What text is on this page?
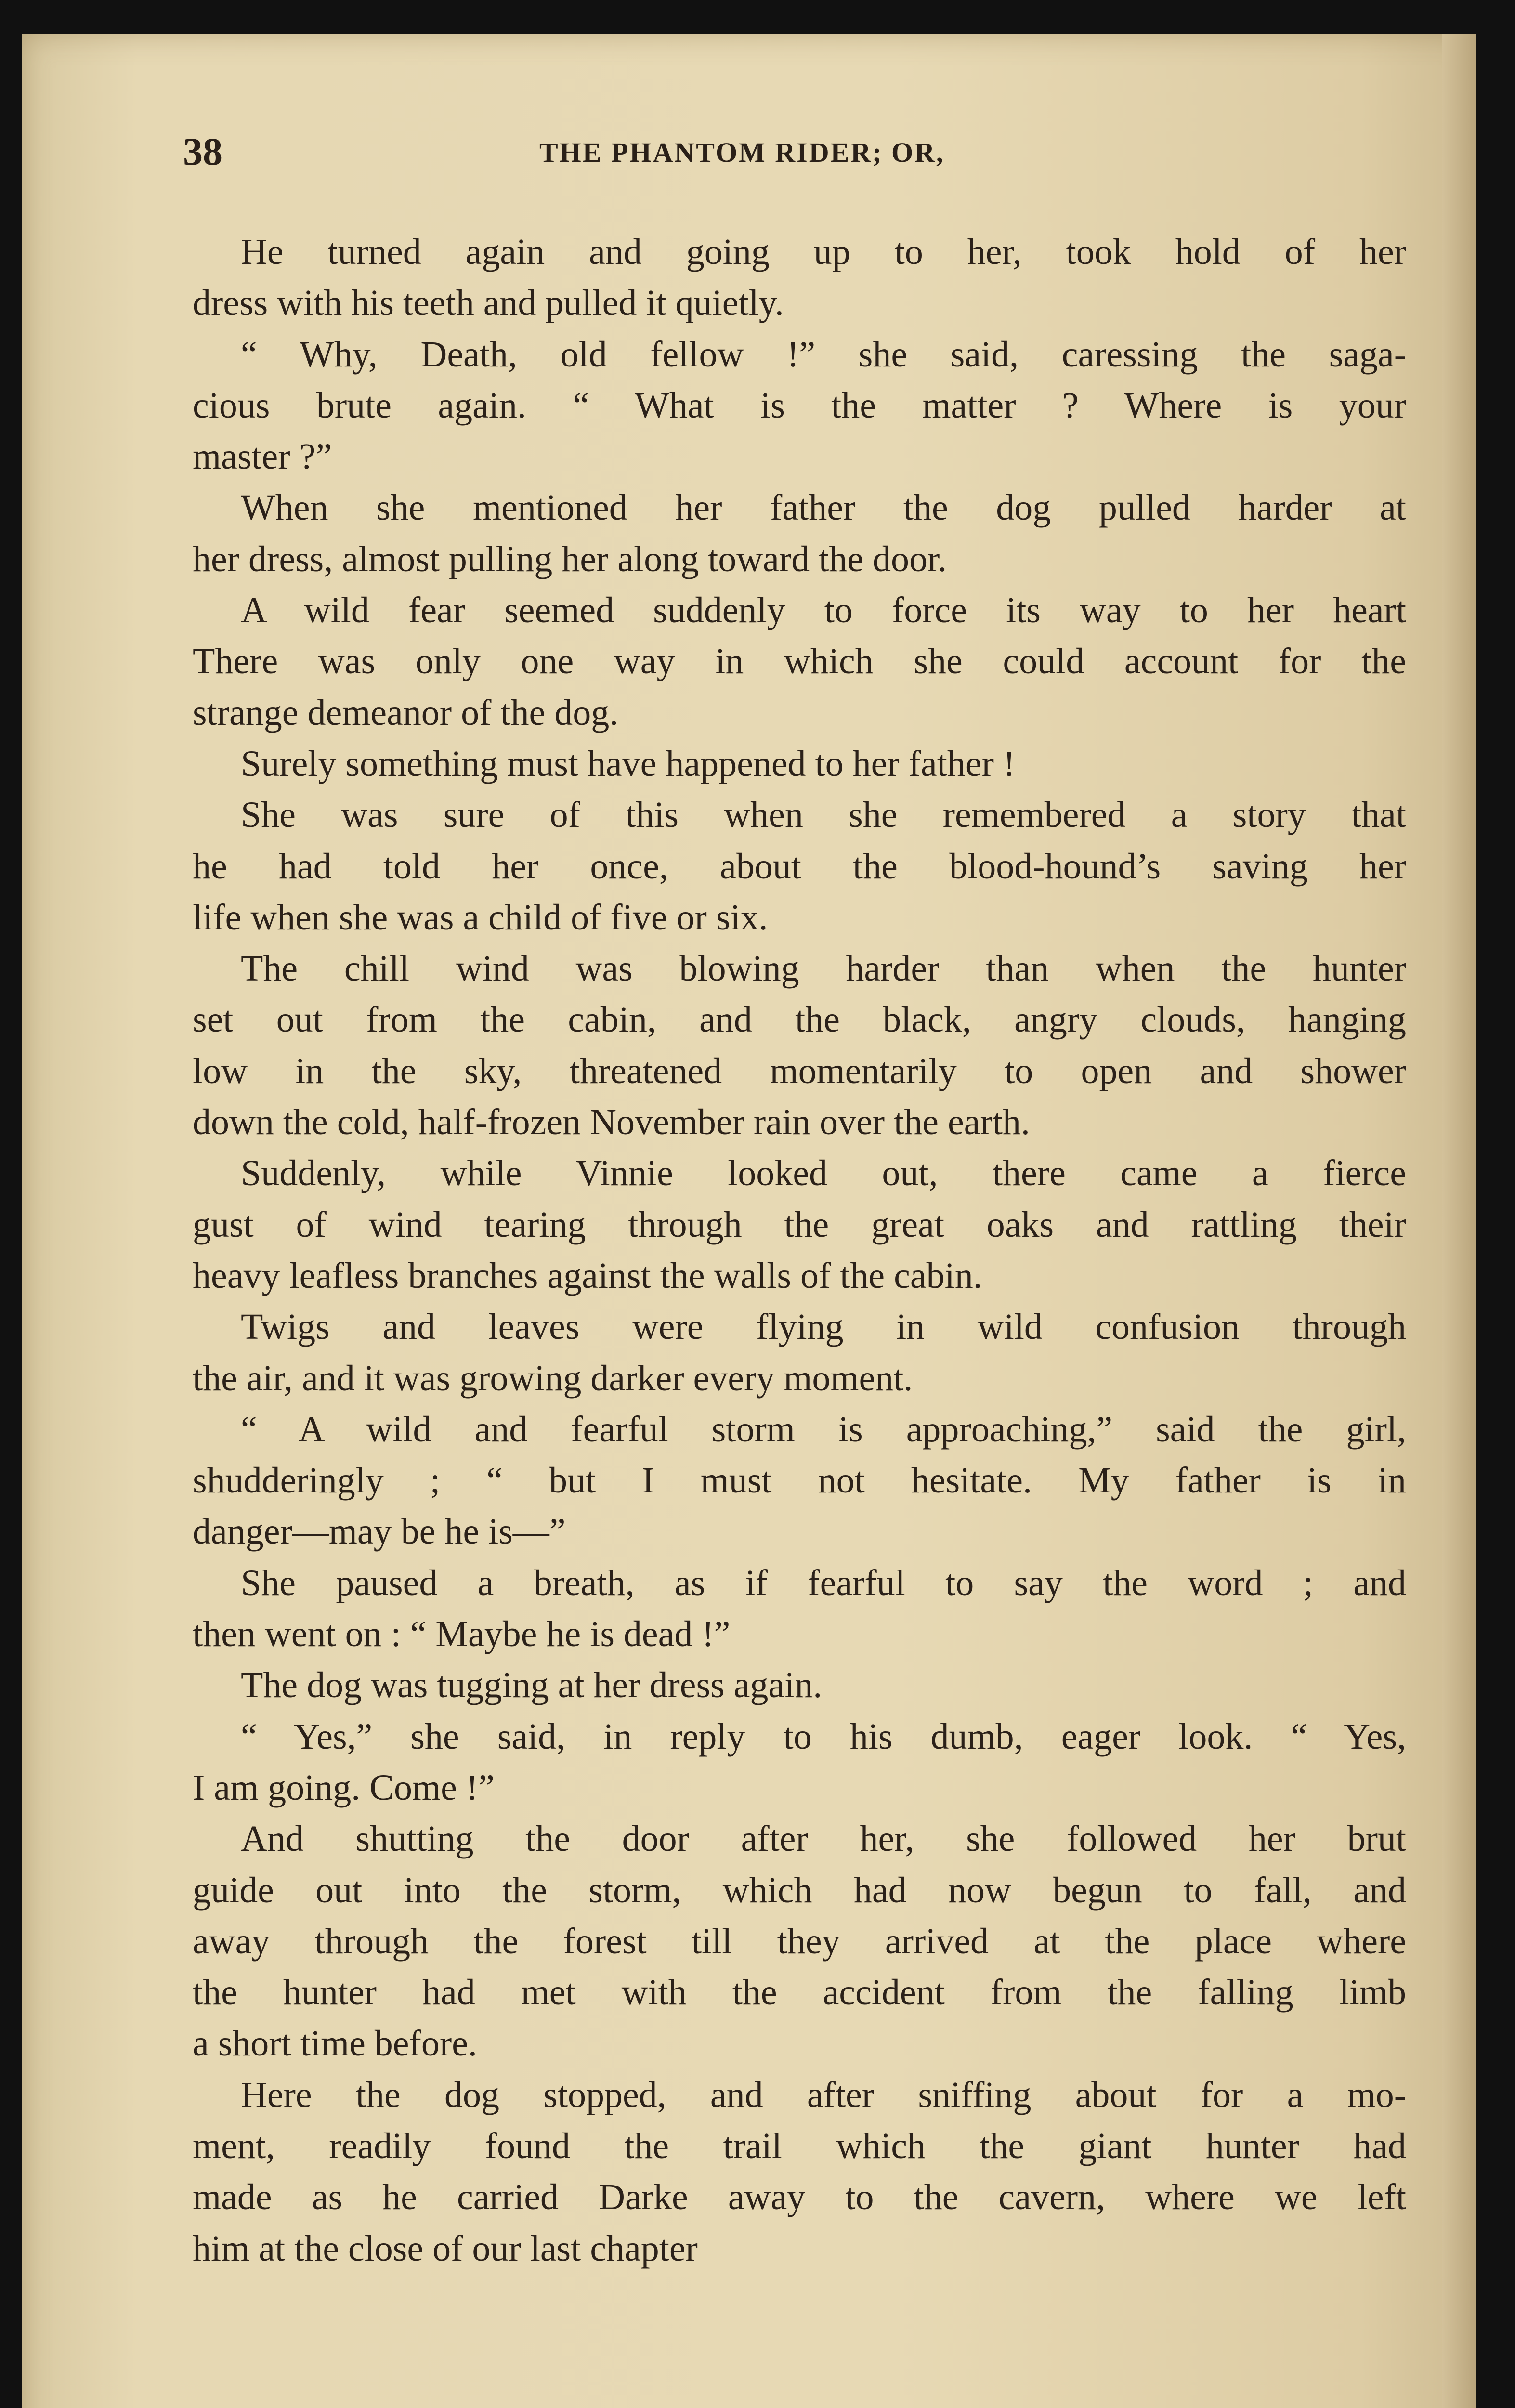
38	THE PHANTOM RIDER; OR,
He turned again and going up to her, took hold of her
dress with his teeth and pulled it quietly.
“ Why, Death, old fellow !” she said, caressing the saga-
cious brute again. “ What is the matter ? Where is your
master ?”
When she mentioned her father the dog pulled harder at
her dress, almost pulling her along toward the door.
A wild fear seemed suddenly to force its way to her heart
There was only one way in which she could account for the
strange demeanor of the dog.
Surely something must have happened to her father !
She was sure of this when she remembered a story that
he had told her once, about the blood-hound’s saving her
life when she was a child of five or six.
The chill wind was blowing harder than when the hunter
set out from the cabin, and the black, angry clouds, hanging
low in the sky, threatened momentarily to open and shower
down the cold, half-frozen November rain over the earth.
Suddenly, while Vinnie looked out, there came a fierce
gust of wind tearing through the great oaks and rattling their
heavy leafless branches against the walls of the cabin.
Twigs and leaves were flying in wild confusion through
the air, and it was growing darker every moment.
“ A wild and fearful storm is approaching,” said the girl,
shudderingly ; “ but I must not hesitate. My father is in
danger—may be he is—”
She paused a breath, as if fearful to say the word ; and
then went on : “ Maybe he is dead !”
The dog was tugging at her dress again.
“ Yes,” she said, in reply to his dumb, eager look. “ Yes,
I am going. Come !”
And shutting the door after her, she followed her brut
guide out into the storm, which had now begun to fall, and
away through the forest till they arrived at the place where
the hunter had met with the accident from the falling limb
a short time before.
Here the dog stopped, and after sniffing about for a mo-
ment, readily found the trail which the giant hunter had
made as he carried Darke away to the cavern, where we left
him at the close of our last chapter
